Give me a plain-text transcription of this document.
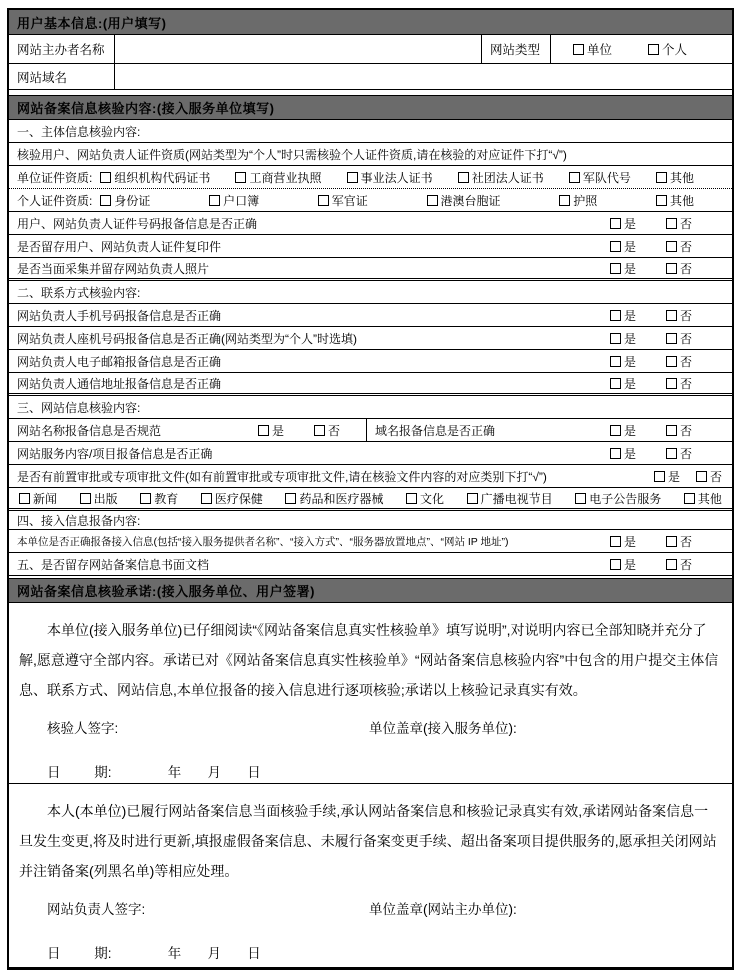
用户基本信息:(用户填写)
网站主办者名称	网站类型	单位	个人
网站域名
网站备案信息核验内容:(接入服务单位填写)
一、主体信息核验内容:
核验用户、网站负责人证件资质(网站类型为“个人”时只需核验个人证件资质,请在核验的对应证件下打“√”)
单位证件资质: 组织机构代码证书	工商营业执照	事业法人证书	社团法人证书	军队代号	其他
个人证件资质: 身份证	户口簿	军官证	港澳台胞证	护照	其他
用户、网站负责人证件号码报备信息是否正确	是	否
是否留存用户、网站负责人证件复印件	是	否
是否当面采集并留存网站负责人照片	是	否
二、联系方式核验内容:
网站负责人手机号码报备信息是否正确	是	否
网站负责人座机号码报备信息是否正确(网站类型为“个人”时选填)	是	否
网站负责人电子邮箱报备信息是否正确	是	否
网站负责人通信地址报备信息是否正确	是	否
三、网站信息核验内容:
网站名称报备信息是否规范	是	否	域名报备信息是否正确	是	否
网站服务内容/项目报备信息是否正确	是	否
是否有前置审批或专项审批文件(如有前置审批或专项审批文件,请在核验文件内容的对应类别下打“√”)	是	否
新闻	出版	教育	医疗保健	药品和医疗器械	文化	广播电视节目	电子公告服务	其他
四、接入信息报备内容:
本单位是否正确报备接入信息(包括“接入服务提供者名称”、“接入方式”、“服务器放置地点”、“网站 IP 地址”)	是	否
五、是否留存网站备案信息书面文档	是	否
网站备案信息核验承诺:(接入服务单位、用户签署)

本单位(接入服务单位)已仔细阅读“《网站备案信息真实性核验单》填写说明”,对说明内容已全部知晓并充分了解,愿意遵守全部内容。承诺已对《网站备案信息真实性核验单》“网站备案信息核验内容”中包含的用户提交主体信息、联系方式、网站信息,本单位报备的接入信息进行逐项核验;承诺以上核验记录真实有效。

核验人签字:	单位盖章(接入服务单位):
日         期:               年       月       日

本人(本单位)已履行网站备案信息当面核验手续,承认网站备案信息和核验记录真实有效,承诺网站备案信息一旦发生变更,将及时进行更新,填报虚假备案信息、未履行备案变更手续、超出备案项目提供服务的,愿承担关闭网站并注销备案(列黑名单)等相应处理。

网站负责人签字:	单位盖章(网站主办单位):
日         期:               年       月       日
